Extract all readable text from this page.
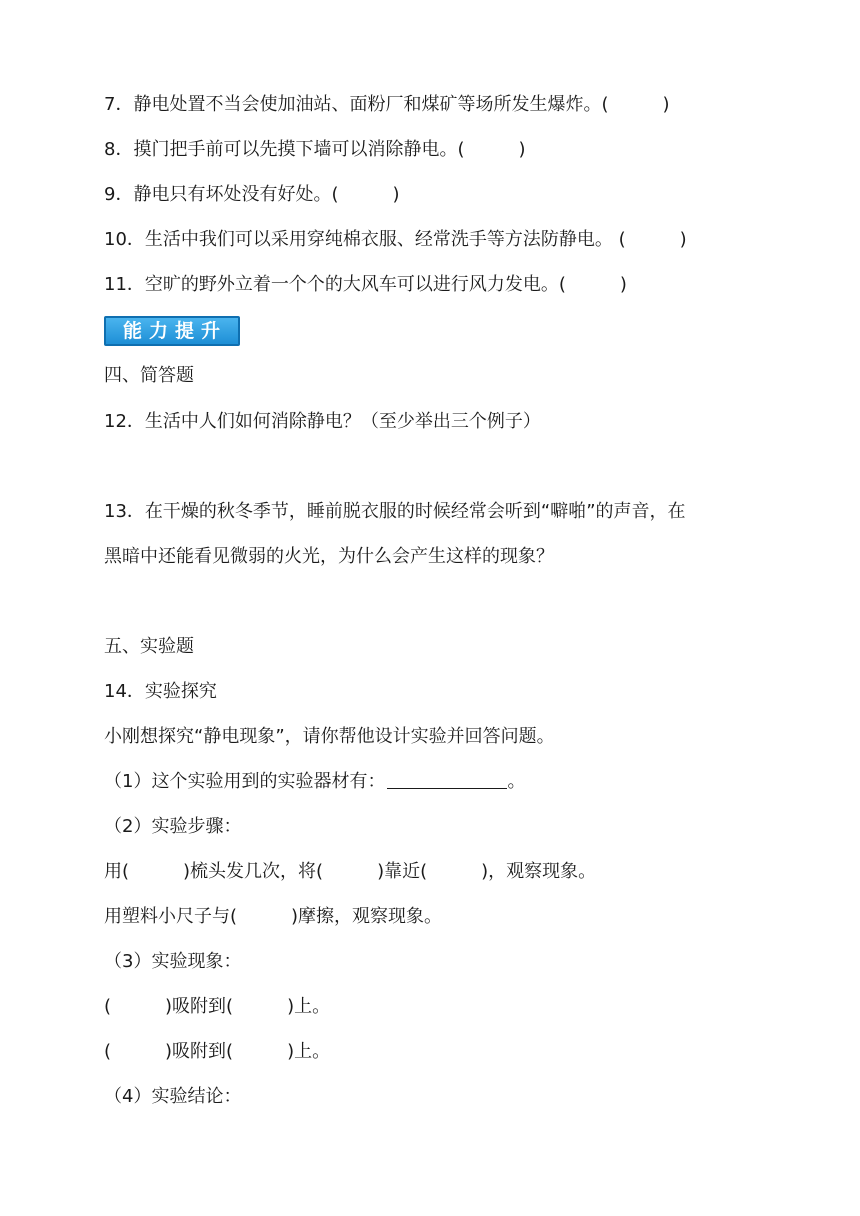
7．静电处置不当会使加油站、面粉厂和煤矿等场所发生爆炸。(　　　)
8．摸门把手前可以先摸下墙可以消除静电。(　　　)
9．静电只有坏处没有好处。(　　　)
10．生活中我们可以采用穿纯棉衣服、经常洗手等方法防静电。 (　　　)
11．空旷的野外立着一个个的大风车可以进行风力发电。(　　　)
能力提升
四、简答题
12．生活中人们如何消除静电？（至少举出三个例子）
13．在干燥的秋冬季节，睡前脱衣服的时候经常会听到“噼啪”的声音，在
黑暗中还能看见微弱的火光，为什么会产生这样的现象？
五、实验题
14．实验探究
小刚想探究“静电现象”，请你帮他设计实验并回答问题。
（1）这个实验用到的实验器材有：	。
（2）实验步骤：
用(　　　)梳头发几次，将(　　　)靠近(　　　)，观察现象。
用塑料小尺子与(　　　)摩擦，观察现象。
（3）实验现象：
(　　　)吸附到(　　　)上。
(　　　)吸附到(　　　)上。
（4）实验结论：
